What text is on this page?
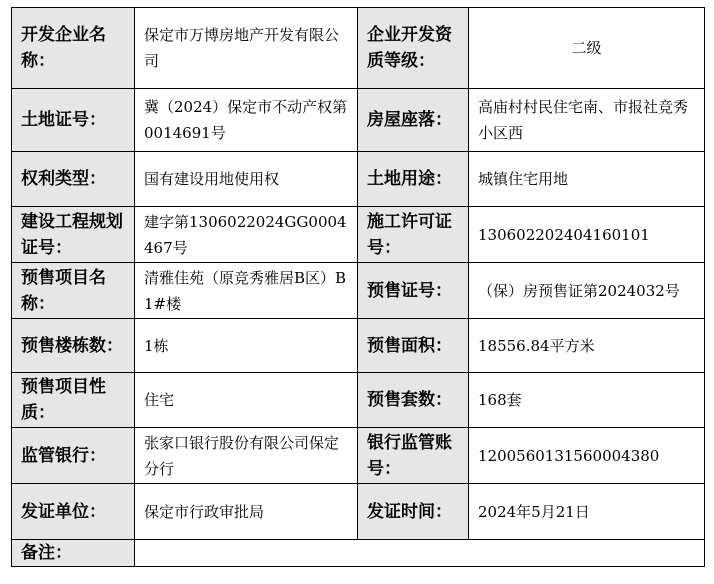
开发企业名称：	保定市万博房地产开发有限公司	企业开发资质等级：	二级
土地证号：	冀（2024）保定市不动产权第0014691号	房屋座落：	高庙村村民住宅南、市报社竞秀小区西
权利类型：	国有建设用地使用权	土地用途：	城镇住宅用地
建设工程规划证号：	建字第1306022024GG0004467号	施工许可证号：	130602202404160101
预售项目名称：	清雅佳苑（原竞秀雅居B区）B1#楼	预售证号：	（保）房预售证第2024032号
预售楼栋数：	1栋	预售面积：	18556.84平方米
预售项目性质：	住宅	预售套数：	168套
监管银行：	张家口银行股份有限公司保定分行	银行监管账号：	1200560131560004380
发证单位：	保定市行政审批局	发证时间：	2024年5月21日
备注：			
